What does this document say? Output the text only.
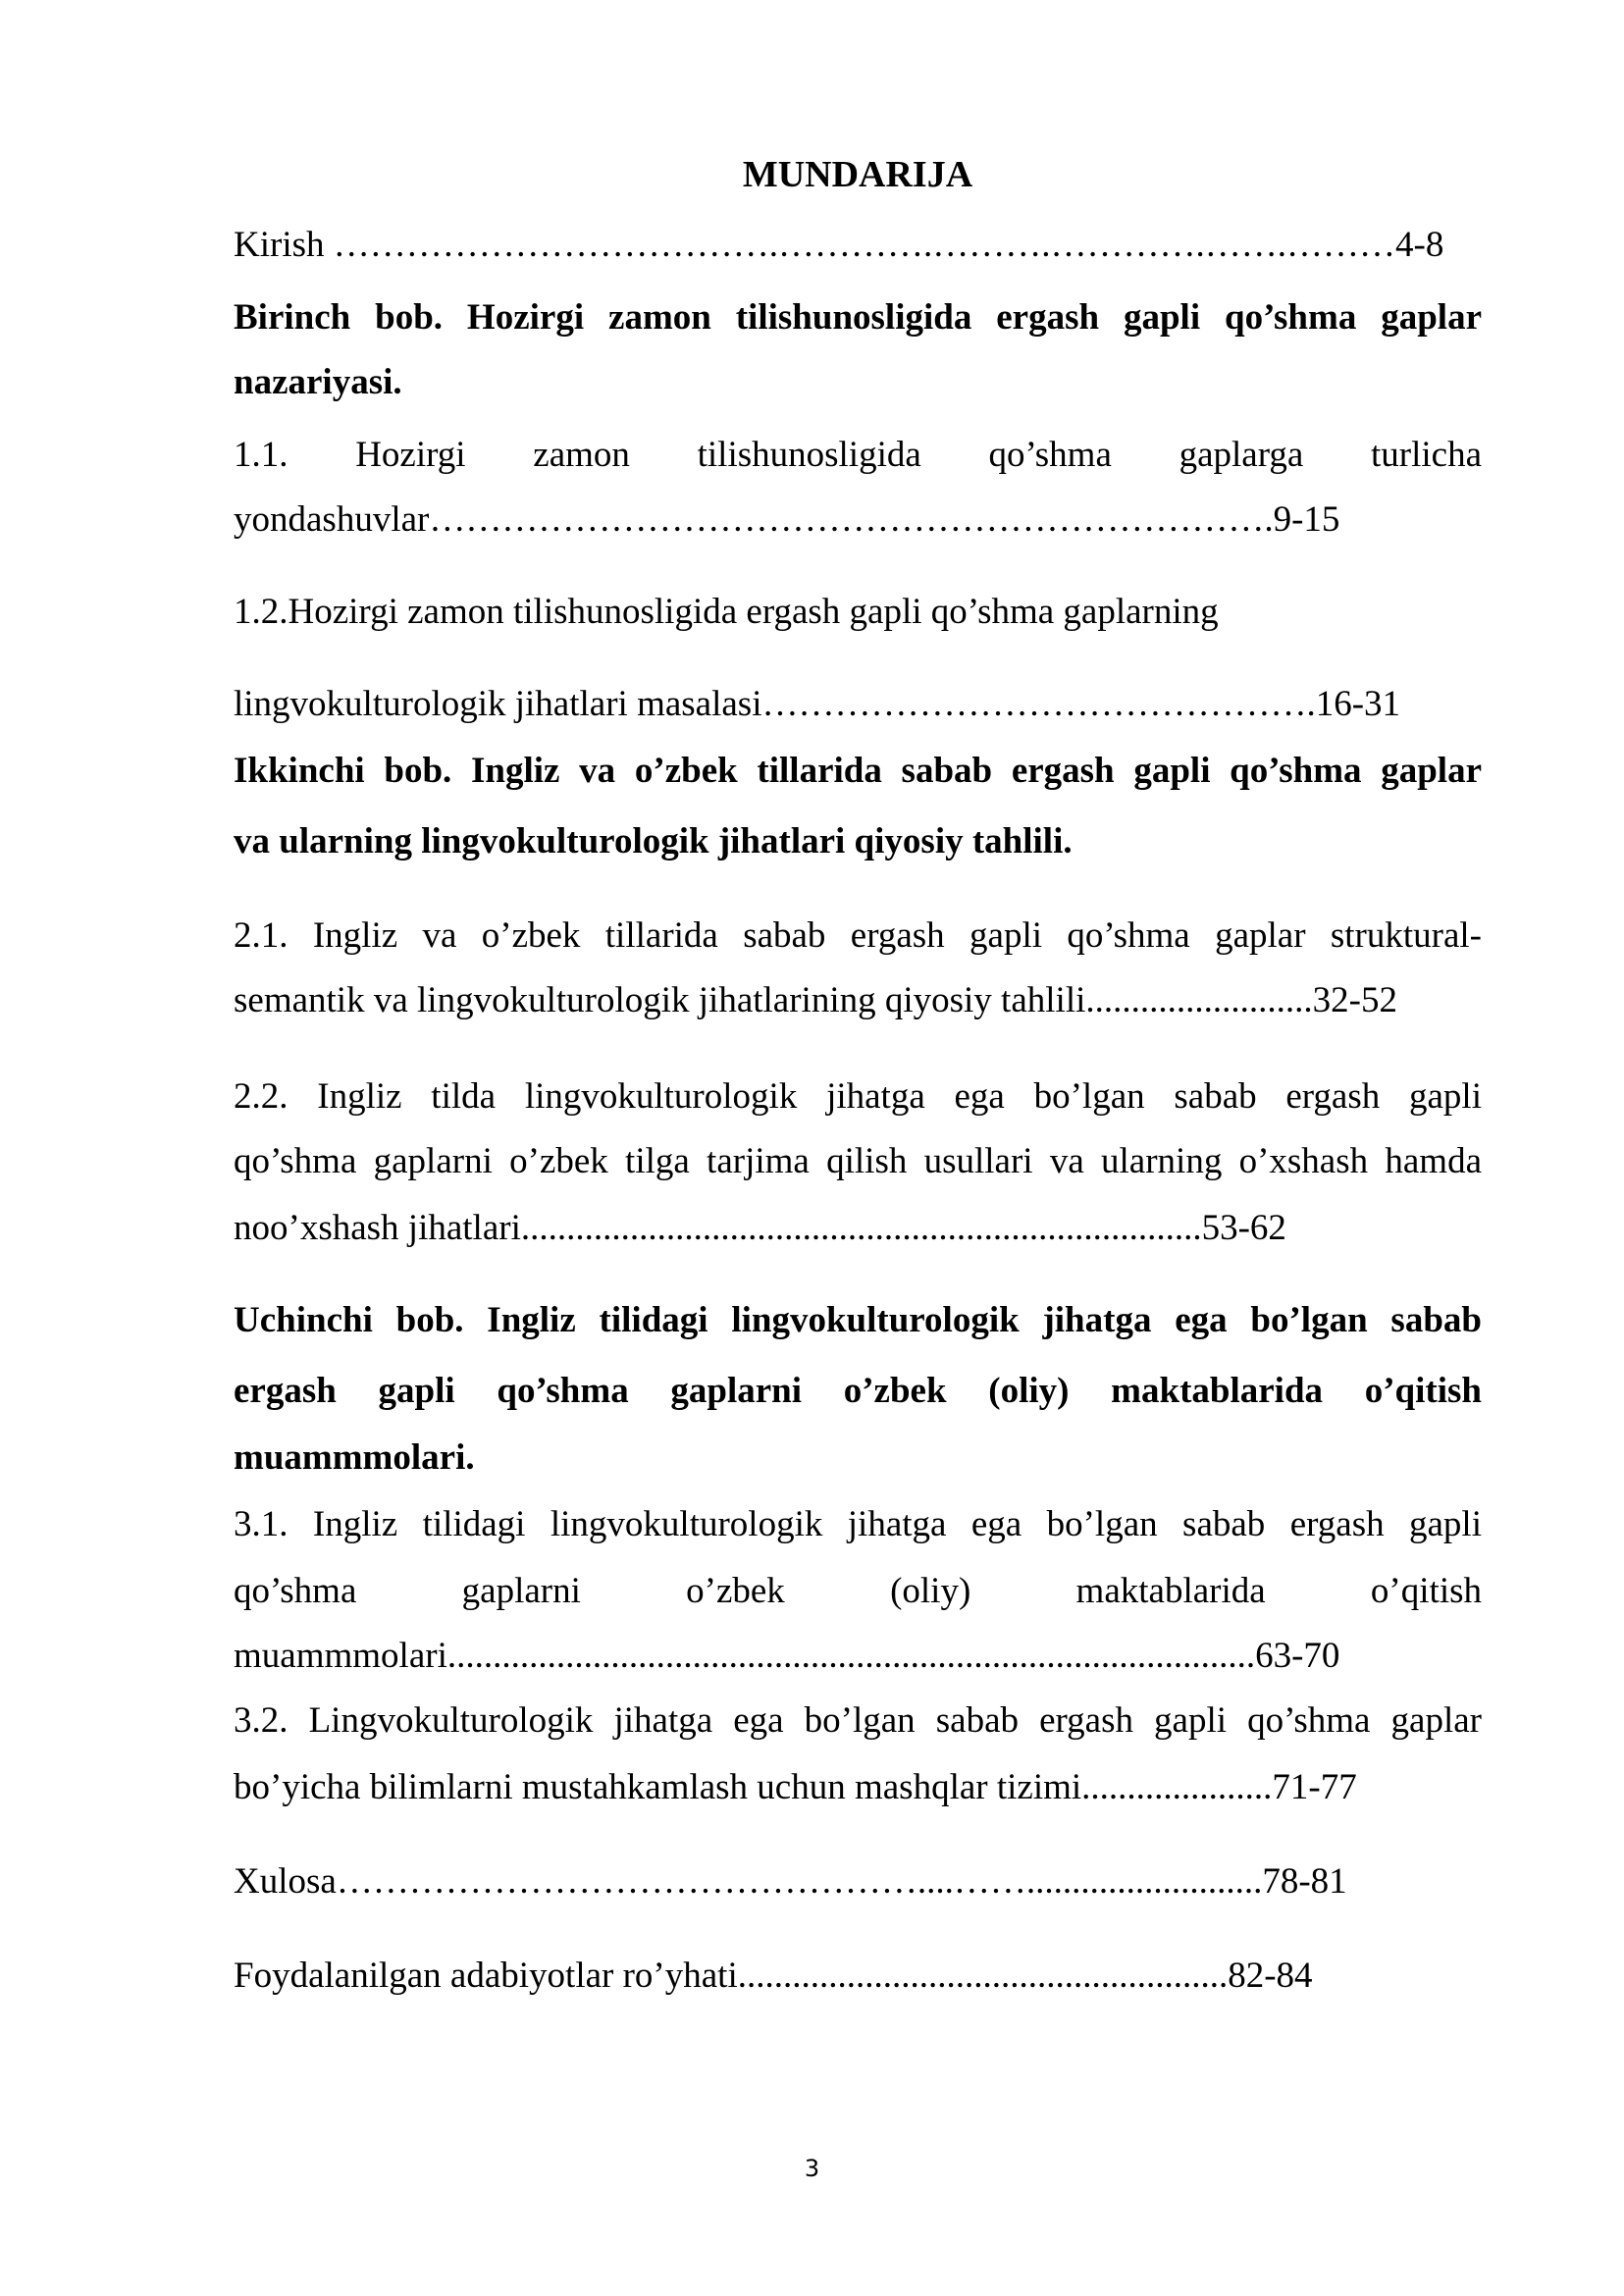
MUNDARIJA
Kirish ……………………………….………….……….………….…….………4-8
Birinch bob. Hozirgi zamon tilishunosligida ergash gapli qo’shma gaplar
nazariyasi.
1.1. Hozirgi zamon tilishunosligida qo’shma gaplarga turlicha
yondashuvlar…………………………………………………………….9-15
1.2.Hozirgi zamon tilishunosligida ergash gapli qo’shma gaplarning
lingvokulturologik jihatlari masalasi……………………………………….16-31
Ikkinchi bob. Ingliz va o’zbek tillarida sabab ergash gapli qo’shma gaplar
va ularning lingvokulturologik jihatlari qiyosiy tahlili.
2.1. Ingliz va o’zbek tillarida sabab ergash gapli qo’shma gaplar struktural-
semantik va lingvokulturologik jihatlarining qiyosiy tahlili.........................32-52
2.2. Ingliz tilda lingvokulturologik jihatga ega bo’lgan sabab ergash gapli
qo’shma gaplarni o’zbek tilga tarjima qilish usullari va ularning o’xshash hamda
noo’xshash jihatlari...........................................................................53-62
Uchinchi bob. Ingliz tilidagi lingvokulturologik jihatga ega bo’lgan sabab
ergash gapli qo’shma gaplarni o’zbek (oliy) maktablarida o’qitish
muammmolari.
3.1. Ingliz tilidagi lingvokulturologik jihatga ega bo’lgan sabab ergash gapli
qo’shma gaplarni o’zbek (oliy) maktablarida o’qitish
muammmolari.........................................................................................63-70
3.2. Lingvokulturologik jihatga ega bo’lgan sabab ergash gapli qo’shma gaplar
bo’yicha bilimlarni mustahkamlash uchun mashqlar tizimi.....................71-77
Xulosa…………………………………………....……..........................78-81
Foydalanilgan adabiyotlar ro’yhati......................................................82-84
3
